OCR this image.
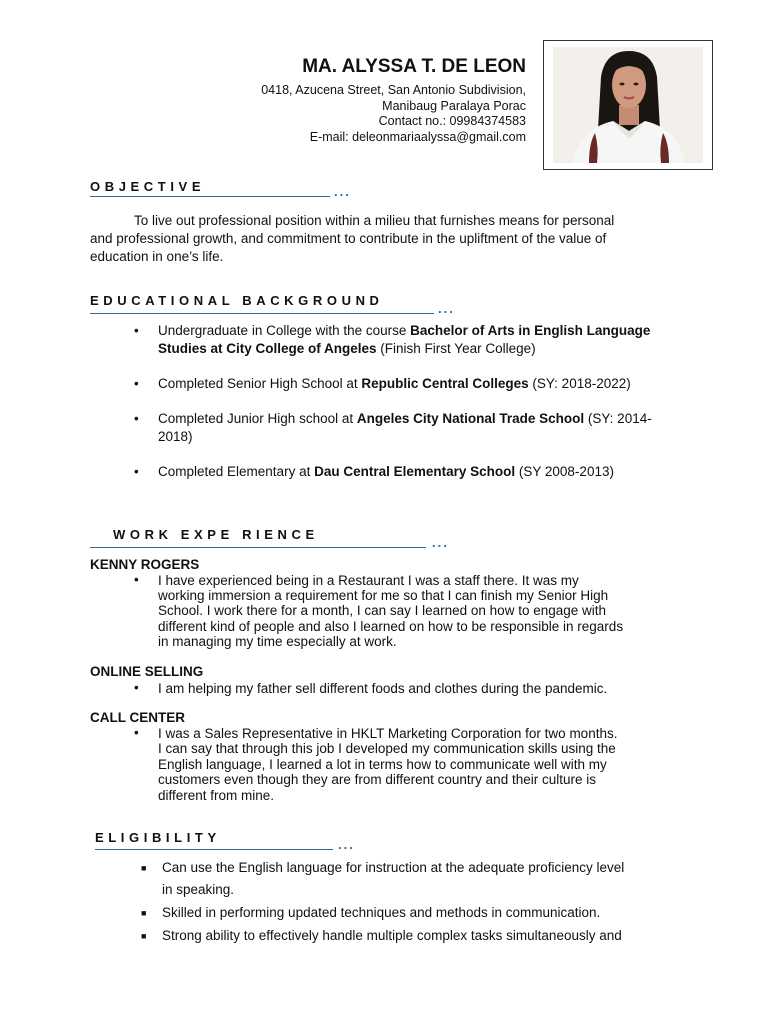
MA. ALYSSA T. DE LEON
0418, Azucena Street, San Antonio Subdivision,
Manibaug Paralaya Porac
Contact no.: 09984374583
E-mail: deleonmariaalyssa@gmail.com
OBJECTIVE	...
To live out professional position within a milieu that furnishes means for personal
and professional growth, and commitment to contribute in the upliftment of the value of
education in one’s life.
EDUCATIONAL BACKGROUND
...
• Undergraduate in College with the course Bachelor of Arts in English Language Studies at City College of Angeles (Finish First Year College)
• Completed Senior High School at Republic Central Colleges (SY: 2018-2022)
• Completed Junior High school at Angeles City National Trade School (SY: 2014-2018)
• Completed Elementary at Dau Central Elementary School (SY 2008-2013)
WORK EXPE RIENCE
...
KENNY ROGERS
• I have experienced being in a Restaurant I was a staff there. It was my
working immersion a requirement for me so that I can finish my Senior High
School. I work there for a month, I can say I learned on how to engage with
different kind of people and also I learned on how to be responsible in regards
in managing my time especially at work.
ONLINE SELLING
• I am helping my father sell different foods and clothes during the pandemic.
CALL CENTER
• I was a Sales Representative in HKLT Marketing Corporation for two months.
I can say that through this job I developed my communication skills using the
English language, I learned a lot in terms how to communicate well with my
customers even though they are from different country and their culture is
different from mine.
ELIGIBILITY	...
■ Can use the English language for instruction at the adequate proficiency level
in speaking.
■ Skilled in performing updated techniques and methods in communication.
■ Strong ability to effectively handle multiple complex tasks simultaneously and
